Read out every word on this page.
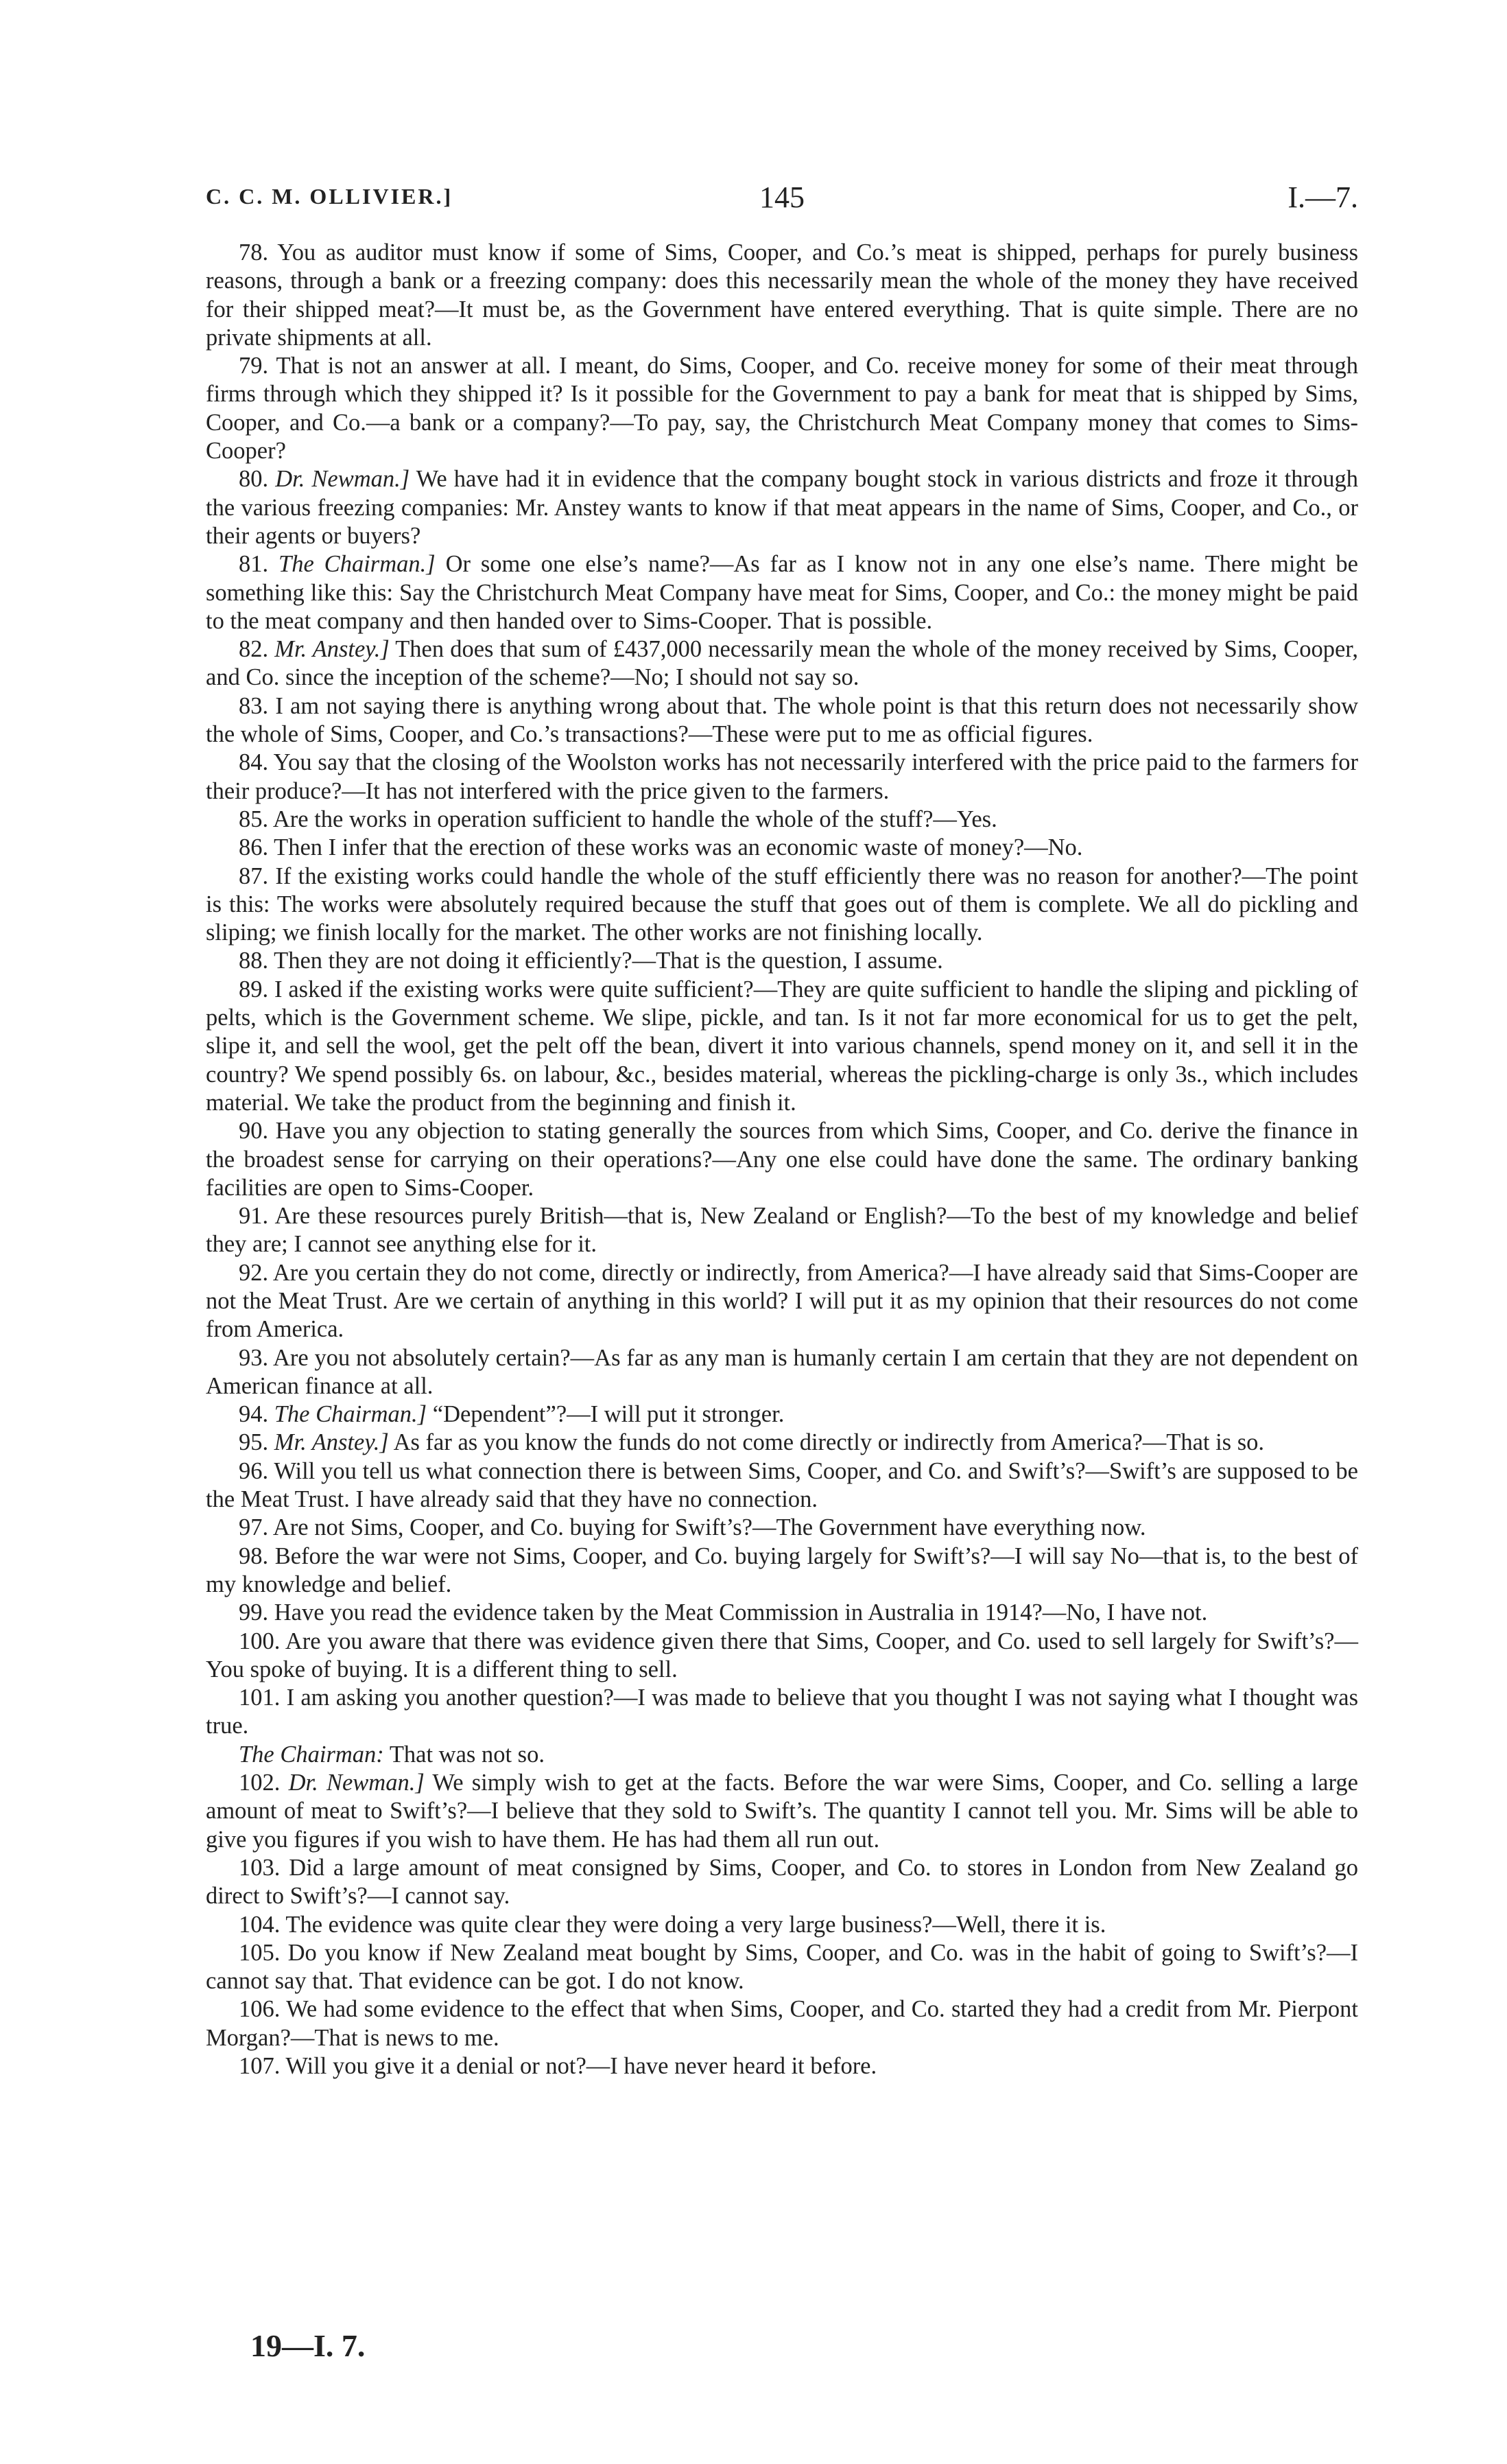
C. C. M. OLLIVIER.]	145	I.—7.

78. You as auditor must know if some of Sims, Cooper, and Co.’s meat is shipped, perhaps for purely business reasons, through a bank or a freezing company: does this necessarily mean the whole of the money they have received for their shipped meat?—It must be, as the Government have entered everything. That is quite simple. There are no private shipments at all.

79. That is not an answer at all. I meant, do Sims, Cooper, and Co. receive money for some of their meat through firms through which they shipped it? Is it possible for the Government to pay a bank for meat that is shipped by Sims, Cooper, and Co.—a bank or a company?—To pay, say, the Christchurch Meat Company money that comes to Sims-Cooper?

80. Dr. Newman.] We have had it in evidence that the company bought stock in various districts and froze it through the various freezing companies: Mr. Anstey wants to know if that meat appears in the name of Sims, Cooper, and Co., or their agents or buyers?

81. The Chairman.] Or some one else’s name?—As far as I know not in any one else’s name. There might be something like this: Say the Christchurch Meat Company have meat for Sims, Cooper, and Co.: the money might be paid to the meat company and then handed over to Sims-Cooper. That is possible.

82. Mr. Anstey.] Then does that sum of £437,000 necessarily mean the whole of the money received by Sims, Cooper, and Co. since the inception of the scheme?—No; I should not say so.

83. I am not saying there is anything wrong about that. The whole point is that this return does not necessarily show the whole of Sims, Cooper, and Co.’s transactions?—These were put to me as official figures.

84. You say that the closing of the Woolston works has not necessarily interfered with the price paid to the farmers for their produce?—It has not interfered with the price given to the farmers.

85. Are the works in operation sufficient to handle the whole of the stuff?—Yes.

86. Then I infer that the erection of these works was an economic waste of money?—No.

87. If the existing works could handle the whole of the stuff efficiently there was no reason for another?—The point is this: The works were absolutely required because the stuff that goes out of them is complete. We all do pickling and sliping; we finish locally for the market. The other works are not finishing locally.

88. Then they are not doing it efficiently?—That is the question, I assume.

89. I asked if the existing works were quite sufficient?—They are quite sufficient to handle the sliping and pickling of pelts, which is the Government scheme. We slipe, pickle, and tan. Is it not far more economical for us to get the pelt, slipe it, and sell the wool, get the pelt off the bean, divert it into various channels, spend money on it, and sell it in the country? We spend possibly 6s. on labour, &c., besides material, whereas the pickling-charge is only 3s., which includes material. We take the product from the beginning and finish it.

90. Have you any objection to stating generally the sources from which Sims, Cooper, and Co. derive the finance in the broadest sense for carrying on their operations?—Any one else could have done the same. The ordinary banking facilities are open to Sims-Cooper.

91. Are these resources purely British—that is, New Zealand or English?—To the best of my knowledge and belief they are; I cannot see anything else for it.

92. Are you certain they do not come, directly or indirectly, from America?—I have already said that Sims-Cooper are not the Meat Trust. Are we certain of anything in this world? I will put it as my opinion that their resources do not come from America.

93. Are you not absolutely certain?—As far as any man is humanly certain I am certain that they are not dependent on American finance at all.

94. The Chairman.] “Dependent”?—I will put it stronger.

95. Mr. Anstey.] As far as you know the funds do not come directly or indirectly from America?—That is so.

96. Will you tell us what connection there is between Sims, Cooper, and Co. and Swift’s?—Swift’s are supposed to be the Meat Trust. I have already said that they have no connection.

97. Are not Sims, Cooper, and Co. buying for Swift’s?—The Government have everything now.

98. Before the war were not Sims, Cooper, and Co. buying largely for Swift’s?—I will say No—that is, to the best of my knowledge and belief.

99. Have you read the evidence taken by the Meat Commission in Australia in 1914?—No, I have not.

100. Are you aware that there was evidence given there that Sims, Cooper, and Co. used to sell largely for Swift’s?—You spoke of buying. It is a different thing to sell.

101. I am asking you another question?—I was made to believe that you thought I was not saying what I thought was true.

The Chairman: That was not so.

102. Dr. Newman.] We simply wish to get at the facts. Before the war were Sims, Cooper, and Co. selling a large amount of meat to Swift’s?—I believe that they sold to Swift’s. The quantity I cannot tell you. Mr. Sims will be able to give you figures if you wish to have them. He has had them all run out.

103. Did a large amount of meat consigned by Sims, Cooper, and Co. to stores in London from New Zealand go direct to Swift’s?—I cannot say.

104. The evidence was quite clear they were doing a very large business?—Well, there it is.

105. Do you know if New Zealand meat bought by Sims, Cooper, and Co. was in the habit of going to Swift’s?—I cannot say that. That evidence can be got. I do not know.

106. We had some evidence to the effect that when Sims, Cooper, and Co. started they had a credit from Mr. Pierpont Morgan?—That is news to me.

107. Will you give it a denial or not?—I have never heard it before.

19—I. 7.
